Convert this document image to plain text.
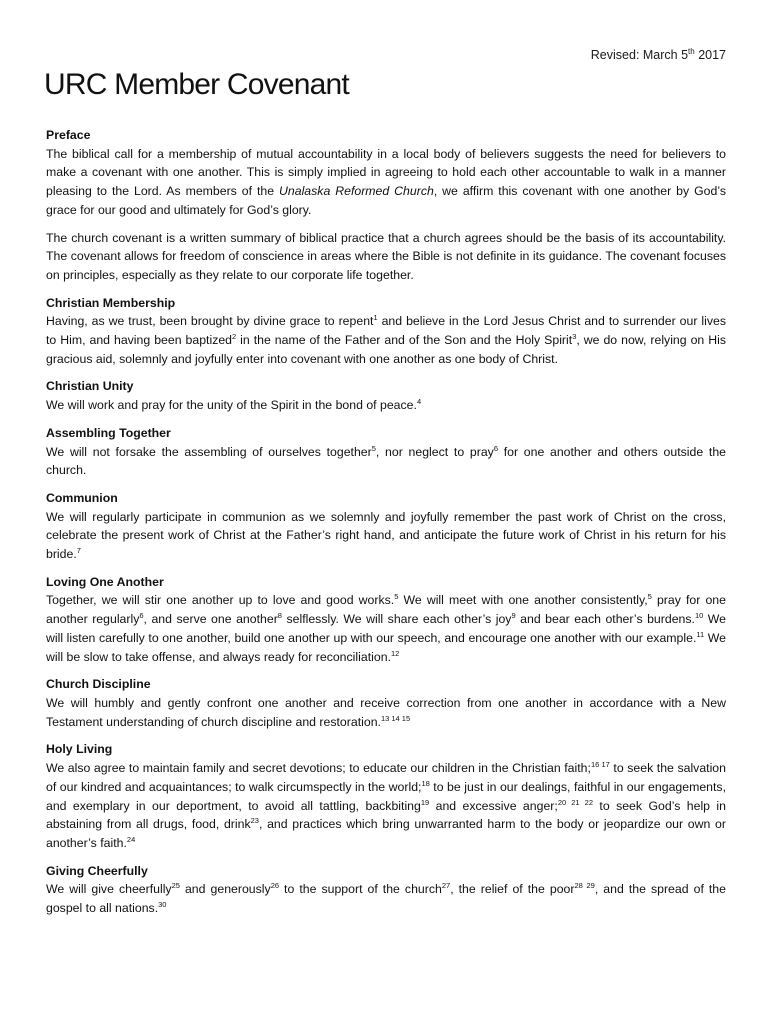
Revised: March 5th 2017
URC Member Covenant

Preface

The biblical call for a membership of mutual accountability in a local body of believers suggests the need for believers to make a covenant with one another. This is simply implied in agreeing to hold each other accountable to walk in a manner pleasing to the Lord. As members of the Unalaska Reformed Church, we affirm this covenant with one another by God’s grace for our good and ultimately for God’s glory.

The church covenant is a written summary of biblical practice that a church agrees should be the basis of its accountability. The covenant allows for freedom of conscience in areas where the Bible is not definite in its guidance. The covenant focuses on principles, especially as they relate to our corporate life together.

Christian Membership

Having, as we trust, been brought by divine grace to repent$^1$ and believe in the Lord Jesus Christ and to surrender our lives to Him, and having been baptized$^2$ in the name of the Father and of the Son and the Holy Spirit$^3$, we do now, relying on His gracious aid, solemnly and joyfully enter into covenant with one another as one body of Christ.

Christian Unity

We will work and pray for the unity of the Spirit in the bond of peace.$^4$

Assembling Together

We will not forsake the assembling of ourselves together$^5$, nor neglect to pray$^6$ for one another and others outside the church.

Communion

We will regularly participate in communion as we solemnly and joyfully remember the past work of Christ on the cross, celebrate the present work of Christ at the Father’s right hand, and anticipate the future work of Christ in his return for his bride.$^7$

Loving One Another

Together, we will stir one another up to love and good works.$^5$ We will meet with one another consistently,$^5$ pray for one another regularly$^6$, and serve one another$^8$ selflessly. We will share each other’s joy$^9$ and bear each other’s burdens.$^{10}$ We will listen carefully to one another, build one another up with our speech, and encourage one another with our example.$^{11}$ We will be slow to take offense, and always ready for reconciliation.$^{12}$

Church Discipline

We will humbly and gently confront one another and receive correction from one another in accordance with a New Testament understanding of church discipline and restoration.$^{13 14 15}$

Holy Living

We also agree to maintain family and secret devotions; to educate our children in the Christian faith;$^{16 17}$ to seek the salvation of our kindred and acquaintances; to walk circumspectly in the world;$^{18}$ to be just in our dealings, faithful in our engagements, and exemplary in our deportment, to avoid all tattling, backbiting$^{19}$ and excessive anger;$^{20 21 22}$ to seek God’s help in abstaining from all drugs, food, drink$^{23}$, and practices which bring unwarranted harm to the body or jeopardize our own or another’s faith.$^{24}$

Giving Cheerfully

We will give cheerfully$^{25}$ and generously$^{26}$ to the support of the church$^{27}$, the relief of the poor$^{28 29}$, and the spread of the gospel to all nations.$^{30}$
